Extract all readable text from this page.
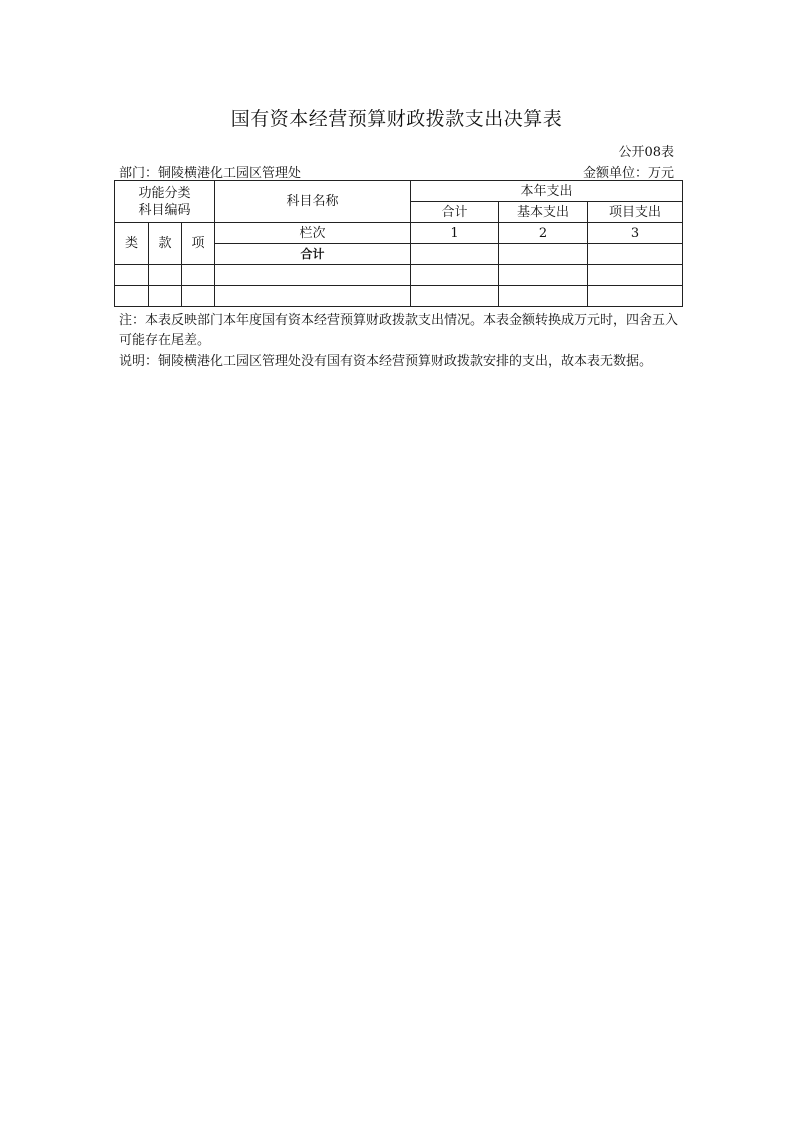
国有资本经营预算财政拨款支出决算表
公开08表
部门：铜陵横港化工园区管理处	金额单位：万元
功能分类
科目编码			科目名称	本年支出		
				合计	基本支出	项目支出
类	款	项	栏次	1	2	3
			合计			

注：本表反映部门本年度国有资本经营预算财政拨款支出情况。本表金额转换成万元时，四舍五入可能存在尾差。
说明：铜陵横港化工园区管理处没有国有资本经营预算财政拨款安排的支出，故本表无数据。
